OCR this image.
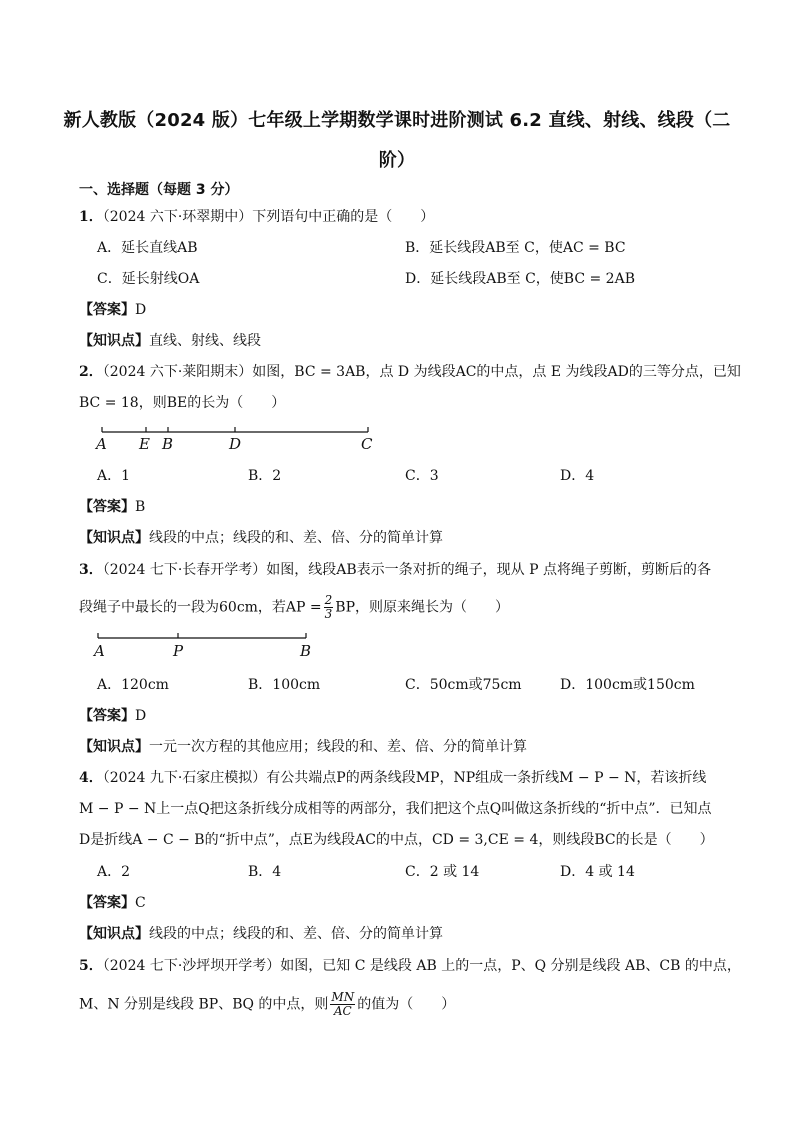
新人教版（2024 版）七年级上学期数学课时进阶测试 6.2 直线、射线、线段（二
阶）
一、选择题（每题 3 分）
1．（2024 六下·环翠期中）下列语句中正确的是（　　）
A．延长直线AB	B．延长线段AB至 C，使AC = BC
C．延长射线OA	D．延长线段AB至 C，使BC = 2AB
【答案】D
【知识点】直线、射线、线段
2．（2024 六下·莱阳期末）如图，BC = 3AB，点 D 为线段AC的中点，点 E 为线段AD的三等分点，已知
BC = 18，则BE的长为（　　）
A E B	D	C
A．1	B．2	C．3	D．4
【答案】B
【知识点】线段的中点；线段的和、差、倍、分的简单计算
3．（2024 七下·长春开学考）如图，线段AB表示一条对折的绳子，现从 P 点将绳子剪断，剪断后的各
段绳子中最长的一段为60cm，若AP = $\frac{2}{3}$ BP，则原来绳长为（　　）
A	P	B
A．120cm	B．100cm	C．50cm或75cm	D．100cm或150cm
【答案】D
【知识点】一元一次方程的其他应用；线段的和、差、倍、分的简单计算
4．（2024 九下·石家庄模拟）有公共端点P的两条线段MP，NP组成一条折线M − P − N，若该折线
M − P − N上一点Q把这条折线分成相等的两部分，我们把这个点Q叫做这条折线的“折中点”．已知点
D是折线A − C − B的“折中点”，点E为线段AC的中点，CD = 3,CE = 4，则线段BC的长是（　　）
A．2	B．4	C．2 或 14	D．4 或 14
【答案】C
【知识点】线段的中点；线段的和、差、倍、分的简单计算
5．（2024 七下·沙坪坝开学考）如图，已知 C 是线段 AB 上的一点，P、Q 分别是线段 AB、CB 的中点，
M、N 分别是线段 BP、BQ 的中点，则 $\frac{MN}{AC}$ 的值为（　　）
